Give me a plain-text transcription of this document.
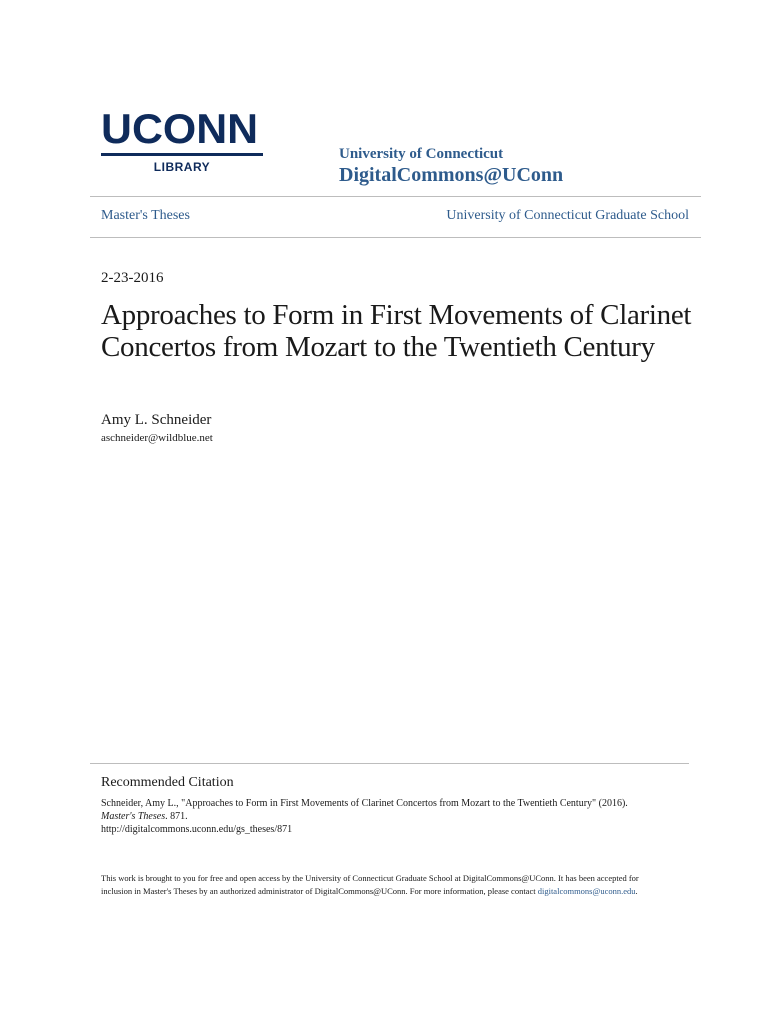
UCONN
LIBRARY
University of Connecticut
DigitalCommons@UConn
Master's Theses	University of Connecticut Graduate School
2-23-2016
Approaches to Form in First Movements of Clarinet Concertos from Mozart to the Twentieth Century
Amy L. Schneider
aschneider@wildblue.net
Recommended Citation
Schneider, Amy L., "Approaches to Form in First Movements of Clarinet Concertos from Mozart to the Twentieth Century" (2016).
Master's Theses. 871.
http://digitalcommons.uconn.edu/gs_theses/871
This work is brought to you for free and open access by the University of Connecticut Graduate School at DigitalCommons@UConn. It has been accepted for inclusion in Master's Theses by an authorized administrator of DigitalCommons@UConn. For more information, please contact digitalcommons@uconn.edu.
